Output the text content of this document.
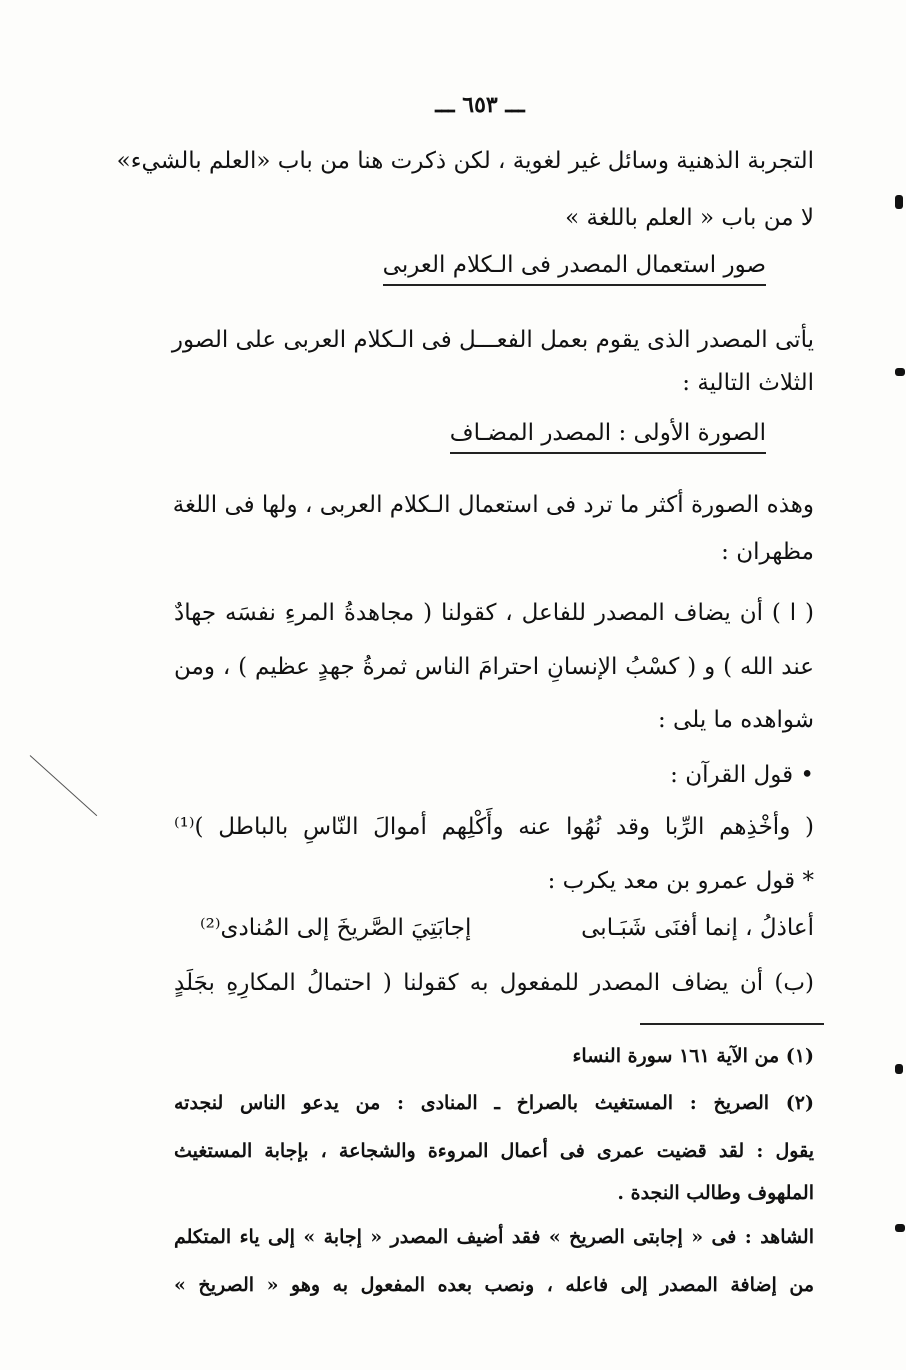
ـــ ٦٥٣ ـــ
التجربة الذهنية وسائل غير لغوية ، لكن ذكرت هنا من باب «العلم بالشيء»
لا من باب « العلم باللغة »
صور استعمال المصدر فى الـكلام العربى
يأتى المصدر الذى يقوم بعمل الفعـــل فى الـكلام العربى على الصور
الثلاث التالية :
الصورة الأولى : المصدر المضـاف
وهذه الصورة أكثر ما ترد فى استعمال الـكلام العربى ، ولها فى اللغة
مظهران :
( ا ) أن يضاف المصدر للفاعل ، كقولنا ( مجاهدةُ المرءِ نفسَه جهادٌ
عند الله ) و ( كسْبُ الإنسانِ احترامَ الناس ثمرةُ جهدٍ عظيم ) ، ومن
شواهده ما يلى :
• قول القرآن :
( وأخْذِهم الرِّبا وقد نُهُوا عنه وأَكْلِهم أموالَ النّاسِ بالباطل )⁽¹⁾
* قول عمرو بن معد يكرب :
أعاذلُ ، إنما أفنَى شَبَـابى
إجابَتِيَ الصَّريخَ إلى المُنادى⁽²⁾
(ب) أن يضاف المصدر للمفعول به كقولنا ( احتمالُ المكارِهِ بجَلَدٍ
(١) من الآية ١٦١ سورة النساء
(٢) الصريخ : المستغيث بالصراخ ـ المنادى : من يدعو الناس لنجدته
يقول : لقد قضيت عمرى فى أعمال المروءة والشجاعة ، بإجابة المستغيث
الملهوف وطالب النجدة .
الشاهد : فى « إجابتى الصريخ » فقد أضيف المصدر « إجابة » إلى ياء المتكلم
من إضافة المصدر إلى فاعله ، ونصب بعده المفعول به وهو « الصريخ »
